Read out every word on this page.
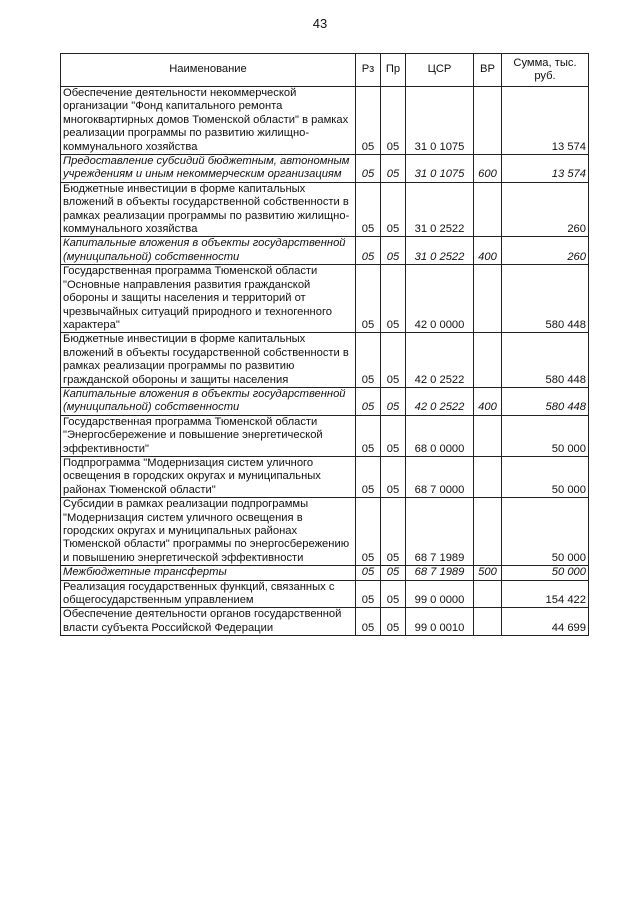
43
Наименование	Рз	Пр	ЦСР	ВР	Сумма, тыс. руб.
Обеспечение деятельности некоммерческой организации "Фонд капитального ремонта многоквартирных домов Тюменской области" в рамках реализации программы по развитию жилищно-коммунального хозяйства	05	05	31 0 1075		13 574
Предоставление субсидий бюджетным, автономным учреждениям и иным некоммерческим организациям	05	05	31 0 1075	600	13 574
Бюджетные инвестиции в форме капитальных вложений в объекты государственной собственности в рамках реализации программы по развитию жилищно-коммунального хозяйства	05	05	31 0 2522		260
Капитальные вложения в объекты государственной (муниципальной) собственности	05	05	31 0 2522	400	260
Государственная программа Тюменской области "Основные направления развития гражданской обороны и защиты населения и территорий от чрезвычайных ситуаций природного и техногенного характера"	05	05	42 0 0000		580 448
Бюджетные инвестиции в форме капитальных вложений в объекты государственной собственности в рамках реализации программы по развитию гражданской обороны и защиты населения	05	05	42 0 2522		580 448
Капитальные вложения в объекты государственной (муниципальной) собственности	05	05	42 0 2522	400	580 448
Государственная программа Тюменской области "Энергосбережение и повышение энергетической эффективности"	05	05	68 0 0000		50 000
Подпрограмма "Модернизация систем уличного освещения в городских округах и муниципальных районах Тюменской области"	05	05	68 7 0000		50 000
Субсидии в рамках реализации подпрограммы "Модернизация систем уличного освещения в городских округах и муниципальных районах Тюменской области" программы по энергосбережению и повышению энергетической эффективности	05	05	68 7 1989		50 000
Межбюджетные трансферты	05	05	68 7 1989	500	50 000
Реализация государственных функций, связанных с общегосударственным управлением	05	05	99 0 0000		154 422
Обеспечение деятельности органов государственной власти субъекта Российской Федерации	05	05	99 0 0010		44 699
